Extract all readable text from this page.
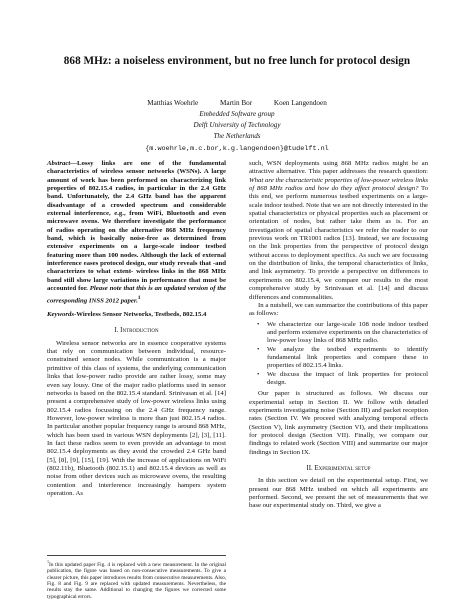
868 MHz: a noiseless environment, but no free lunch for protocol design
Matthias Woehrle	Martin Bor	Koen Langendoen
Embedded Software group
Delft University of Technology
The Netherlands
{m.woehrle,m.c.bor,k.g.langendoen}@tudelft.nl

Abstract—Lossy links are one of the fundamental characteristics of wireless sensor networks (WSNs). A large amount of work has been performed on characterizing link properties of 802.15.4 radios, in particular in the 2.4 GHz band. Unfortunately, the 2.4 GHz band has the apparent disadvantage of a crowded spectrum and considerable external interference, e.g., from WiFi, Bluetooth and even microwave ovens. We therefore investigate the performance of radios operating on the alternative 868 MHz frequency band, which is basically noise-free as determined from extensive experiments on a large-scale indoor testbed featuring more than 100 nodes. Although the lack of external interference eases protocol design, our study reveals that -and characterizes to what extent- wireless links in the 868 MHz band still show large variations in performance that must be accounted for. Please note that this is an updated version of the corresponding INSS 2012 paper.$^1$

Keywords-Wireless Sensor Networks, Testbeds, 802.15.4

I. Introduction

Wireless sensor networks are in essence cooperative systems that rely on communication between individual, resource-constrained sensor nodes. While communication is a major primitive of this class of systems, the underlying communication links that low-power radio provide are rather lossy, some may even say lousy. One of the major radio platforms used in sensor networks is based on the 802.15.4 standard. Srinivasan et al. [14] present a comprehensive study of low-power wireless links using 802.15.4 radios focussing on the 2.4 GHz frequency range. However, low-power wireless is more than just 802.15.4 radios. In particular another popular frequency range is around 868 MHz, which has been used in various WSN deployments [2], [3], [11]. In fact these radios seem to even provide an advantage to most 802.15.4 deployments as they avoid the crowded 2.4 GHz band [5], [8], [9], [15], [19]. With the increase of applications on WiFi (802.11b), Bluetooth (802.15.1) and 802.15.4 devices as well as noise from other devices such as microwave ovens, the resulting contention and interference increasingly hampers system operation. As

$^1$In this updated paper Fig. 4 is replaced with a new measurement. In the original publication, the figure was based on non-consecutive measurements. To give a clearer picture, this paper introduces results from consecutive measurements. Also, Fig. 8 and Fig. 9 are replaced with updated measurements. Nevertheless, the results stay the same. Additional to changing the figures we corrected some typographical errors.

such, WSN deployments using 868 MHz radios might be an attractive alternative. This paper addresses the research question: What are the characteristic properties of low-power wireless links of 868 MHz radios and how do they affect protocol design? To this end, we perform numerous testbed experiments on a large-scale indoor testbed. Note that we are not directly interested in the spatial characteristics or physical properties such as placement or orientation of nodes, but rather take them as is. For an investigation of spatial characteristics we refer the reader to our previous work on TR1001 radios [13]. Instead, we are focussing on the link properties from the perspective of protocol design without access to deployment specifics. As such we are focussing on the distribution of links, the temporal characteristics of links, and link asymmetry. To provide a perspective on differences to experiments on 802.15.4, we compare our results to the most comprehensive study by Srinivasan et al. [14] and discuss differences and commonalities.

In a nutshell, we can summarize the contributions of this paper as follows:

• We characterize our large-scale 108 node indoor testbed and perform extensive experiments on the characteristics of low-power lossy links of 868 MHz radio.
• We analyze the testbed experiments to identify fundamental link properties and compare these to properties of 802.15.4 links.
• We discuss the impact of link properties for protocol design.

Our paper is structured as follows. We discuss our experimental setup in Section II. We follow with detailed experiments investigating noise (Section III) and packet reception rates (Section IV. We proceed with analyzing temporal effects (Section V), link asymmetry (Section VI), and their implications for protocol design (Section VII). Finally, we compare our findings to related work (Section VIII) and summarize our major findings in Section IX.

II. Experimental setup

In this section we detail on the experimental setup. First, we present our 868 MHz testbed on which all experiments are performed. Second, we present the set of measurements that we base our experimental study on. Third, we give a
